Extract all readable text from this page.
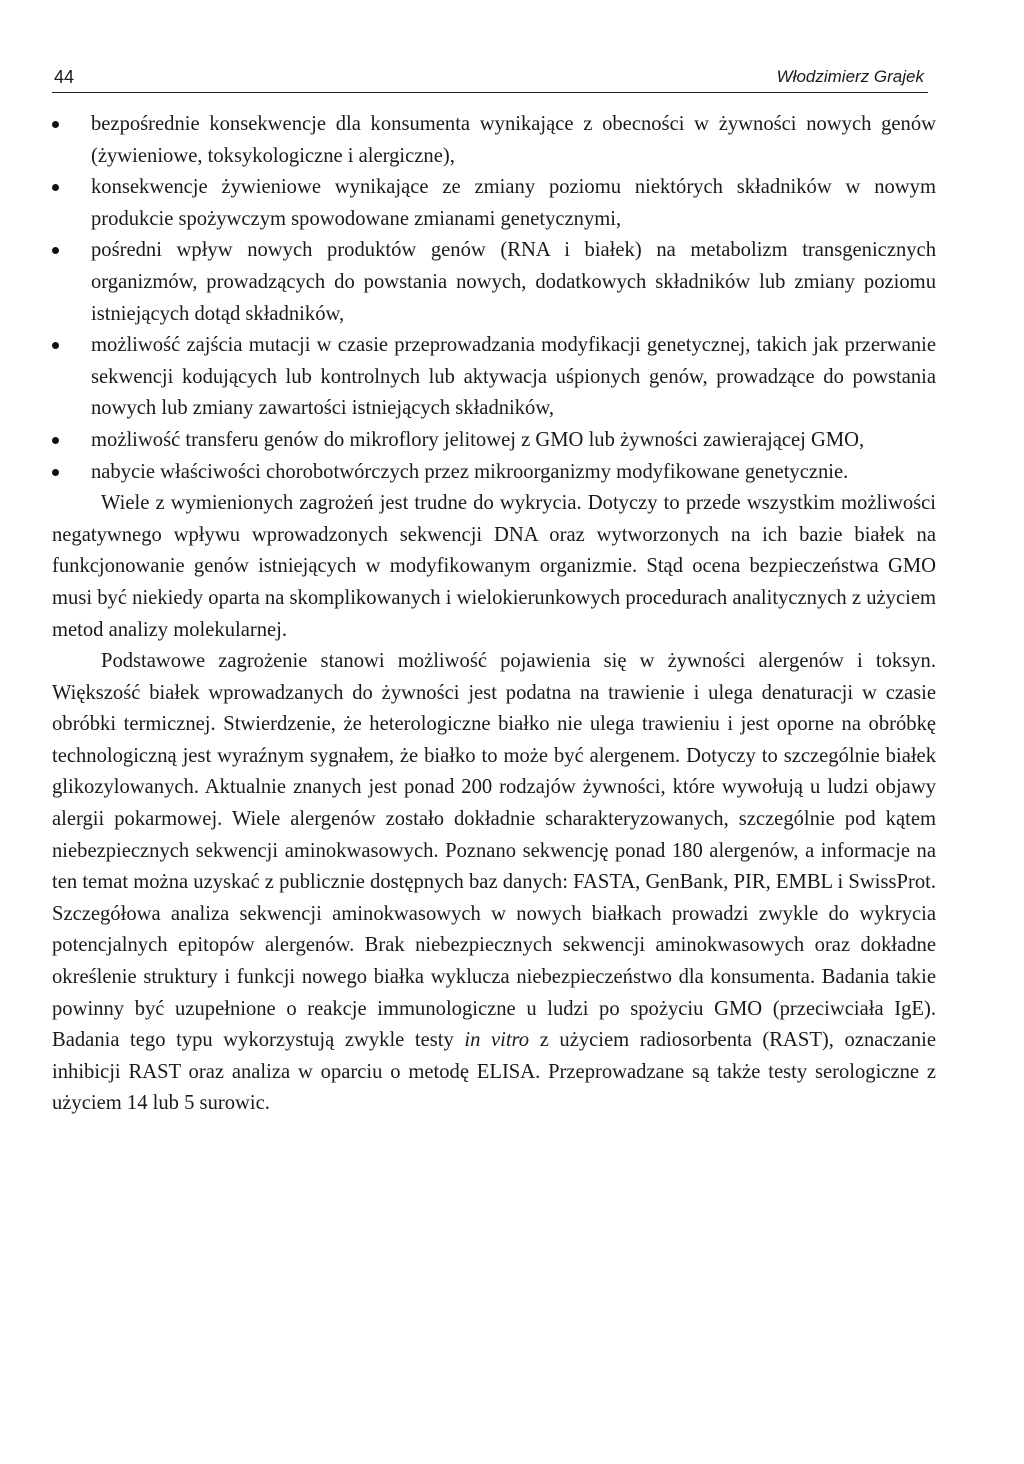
44	Włodzimierz Grajek
bezpośrednie konsekwencje dla konsumenta wynikające z obecności w żywności nowych genów (żywieniowe, toksykologiczne i alergiczne),
konsekwencje żywieniowe wynikające ze zmiany poziomu niektórych składników w nowym produkcie spożywczym spowodowane zmianami genetycznymi,
pośredni wpływ nowych produktów genów (RNA i białek) na metabolizm transgenicznych organizmów, prowadzących do powstania nowych, dodatkowych składników lub zmiany poziomu istniejących dotąd składników,
możliwość zajścia mutacji w czasie przeprowadzania modyfikacji genetycznej, takich jak przerwanie sekwencji kodujących lub kontrolnych lub aktywacja uśpionych genów, prowadzące do powstania nowych lub zmiany zawartości istniejących składników,
możliwość transferu genów do mikroflory jelitowej z GMO lub żywności zawierającej GMO,
nabycie właściwości chorobotwórczych przez mikroorganizmy modyfikowane genetycznie.

Wiele z wymienionych zagrożeń jest trudne do wykrycia. Dotyczy to przede wszystkim możliwości negatywnego wpływu wprowadzonych sekwencji DNA oraz wytworzonych na ich bazie białek na funkcjonowanie genów istniejących w modyfikowanym organizmie. Stąd ocena bezpieczeństwa GMO musi być niekiedy oparta na skomplikowanych i wielokierunkowych procedurach analitycznych z użyciem metod analizy molekularnej.

Podstawowe zagrożenie stanowi możliwość pojawienia się w żywności alergenów i toksyn. Większość białek wprowadzanych do żywności jest podatna na trawienie i ulega denaturacji w czasie obróbki termicznej. Stwierdzenie, że heterologiczne białko nie ulega trawieniu i jest oporne na obróbkę technologiczną jest wyraźnym sygnałem, że białko to może być alergenem. Dotyczy to szczególnie białek glikozylowanych. Aktualnie znanych jest ponad 200 rodzajów żywności, które wywołują u ludzi objawy alergii pokarmowej. Wiele alergenów zostało dokładnie scharakteryzowanych, szczególnie pod kątem niebezpiecznych sekwencji aminokwasowych. Poznano sekwencję ponad 180 alergenów, a informacje na ten temat można uzyskać z publicznie dostępnych baz danych: FASTA, GenBank, PIR, EMBL i SwissProt. Szczegółowa analiza sekwencji aminokwasowych w nowych białkach prowadzi zwykle do wykrycia potencjalnych epitopów alergenów. Brak niebezpiecznych sekwencji aminokwasowych oraz dokładne określenie struktury i funkcji nowego białka wyklucza niebezpieczeństwo dla konsumenta. Badania takie powinny być uzupełnione o reakcje immunologiczne u ludzi po spożyciu GMO (przeciwciała IgE). Badania tego typu wykorzystują zwykle testy in vitro z użyciem radiosorbenta (RAST), oznaczanie inhibicji RAST oraz analiza w oparciu o metodę ELISA. Przeprowadzane są także testy serologiczne z użyciem 14 lub 5 surowic.
